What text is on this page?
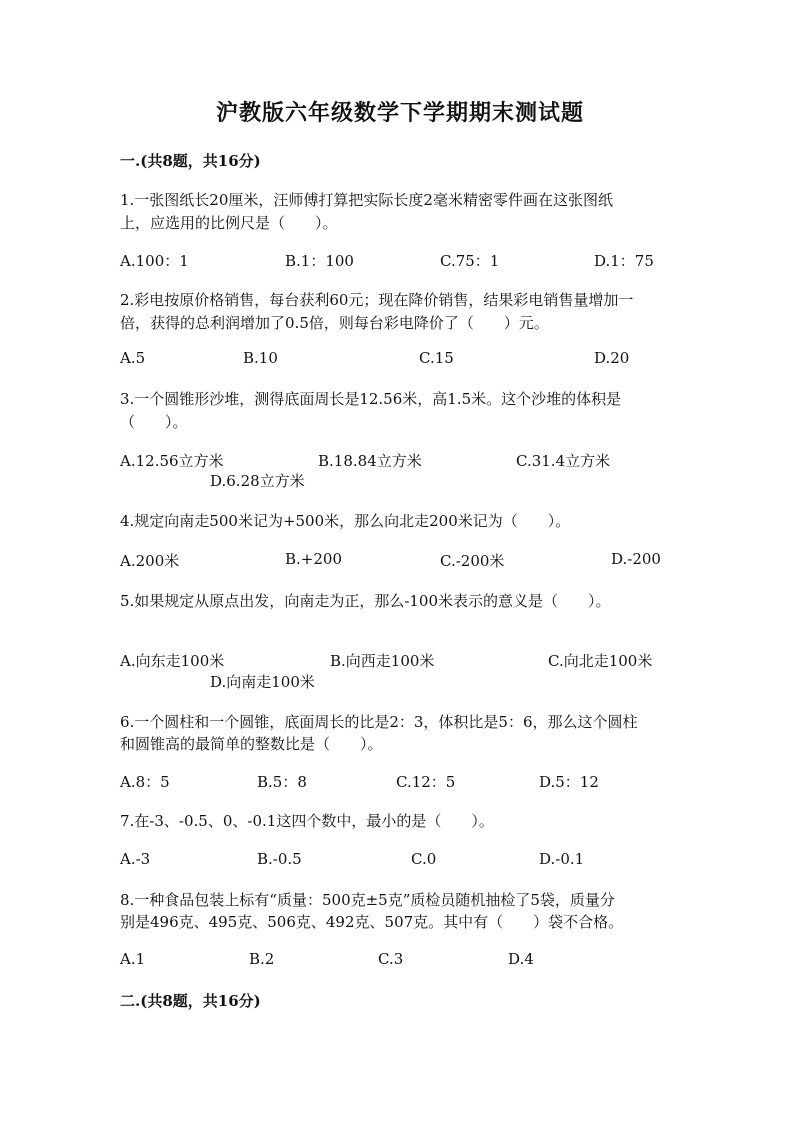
沪教版六年级数学下学期期末测试题
一.(共8题，共16分)
1.一张图纸长20厘米，汪师傅打算把实际长度2毫米精密零件画在这张图纸
上，应选用的比例尺是（　　）。
A.100：1	B.1：100	C.75：1	D.1：75
2.彩电按原价格销售，每台获利60元；现在降价销售，结果彩电销售量增加一
倍，获得的总利润增加了0.5倍，则每台彩电降价了（　　）元。
A.5	B.10	C.15	D.20
3.一个圆锥形沙堆，测得底面周长是12.56米，高1.5米。这个沙堆的体积是
（　　）。
A.12.56立方米	B.18.84立方米	C.31.4立方米
D.6.28立方米
4.规定向南走500米记为+500米，那么向北走200米记为（　　）。
A.200米	B.+200	C.-200米	D.-200
5.如果规定从原点出发，向南走为正，那么-100米表示的意义是（　　）。
A.向东走100米	B.向西走100米	C.向北走100米
D.向南走100米
6.一个圆柱和一个圆锥，底面周长的比是2：3，体积比是5：6，那么这个圆柱
和圆锥高的最简单的整数比是（　　）。
A.8：5	B.5：8	C.12：5	D.5：12
7.在-3、-0.5、0、-0.1这四个数中，最小的是（　　）。
A.-3	B.-0.5	C.0	D.-0.1
8.一种食品包装上标有“质量：500克±5克”质检员随机抽检了5袋，质量分
别是496克、495克、506克、492克、507克。其中有（　　）袋不合格。
A.1	B.2	C.3	D.4
二.(共8题，共16分)
